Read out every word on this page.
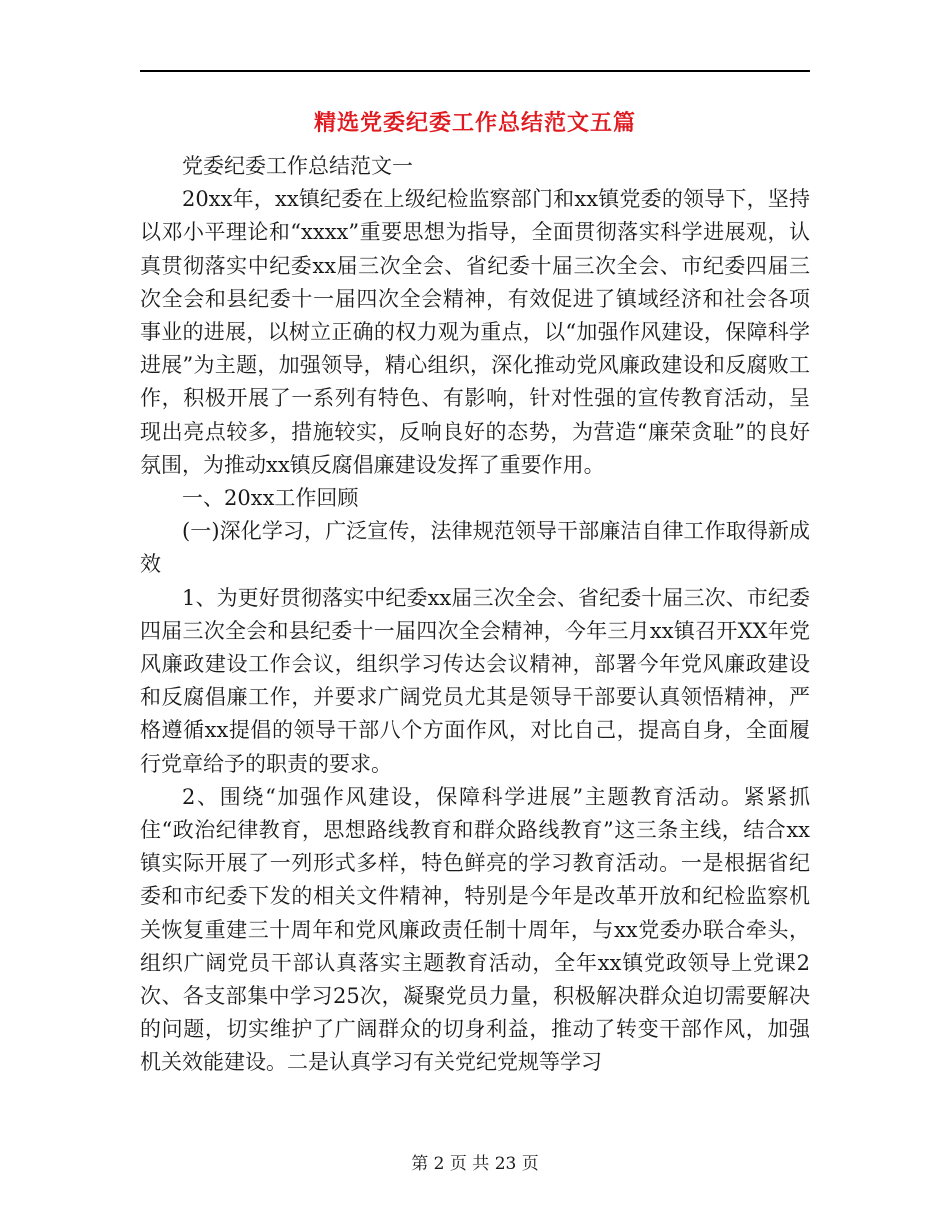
精选党委纪委工作总结范文五篇

党委纪委工作总结范文一

20xx年，xx镇纪委在上级纪检监察部门和xx镇党委的领导下，坚持以邓小平理论和“xxxx”重要思想为指导，全面贯彻落实科学进展观，认真贯彻落实中纪委xx届三次全会、省纪委十届三次全会、市纪委四届三次全会和县纪委十一届四次全会精神，有效促进了镇域经济和社会各项事业的进展，以树立正确的权力观为重点，以“加强作风建设，保障科学进展”为主题，加强领导，精心组织，深化推动党风廉政建设和反腐败工作，积极开展了一系列有特色、有影响，针对性强的宣传教育活动，呈现出亮点较多，措施较实，反响良好的态势，为营造“廉荣贪耻”的良好氛围，为推动xx镇反腐倡廉建设发挥了重要作用。

一、20xx工作回顾

(一)深化学习，广泛宣传，法律规范领导干部廉洁自律工作取得新成效

1、为更好贯彻落实中纪委xx届三次全会、省纪委十届三次、市纪委四届三次全会和县纪委十一届四次全会精神，今年三月xx镇召开XX年党风廉政建设工作会议，组织学习传达会议精神，部署今年党风廉政建设和反腐倡廉工作，并要求广阔党员尤其是领导干部要认真领悟精神，严格遵循xx提倡的领导干部八个方面作风，对比自己，提高自身，全面履行党章给予的职责的要求。

2、围绕“加强作风建设，保障科学进展”主题教育活动。紧紧抓住“政治纪律教育，思想路线教育和群众路线教育”这三条主线，结合xx镇实际开展了一列形式多样，特色鲜亮的学习教育活动。一是根据省纪委和市纪委下发的相关文件精神，特别是今年是改革开放和纪检监察机关恢复重建三十周年和党风廉政责任制十周年，与xx党委办联合牵头，组织广阔党员干部认真落实主题教育活动，全年xx镇党政领导上党课2次、各支部集中学习25次，凝聚党员力量，积极解决群众迫切需要解决的问题，切实维护了广阔群众的切身利益，推动了转变干部作风，加强机关效能建设。二是认真学习有关党纪党规等学习

第 2 页 共 23 页
